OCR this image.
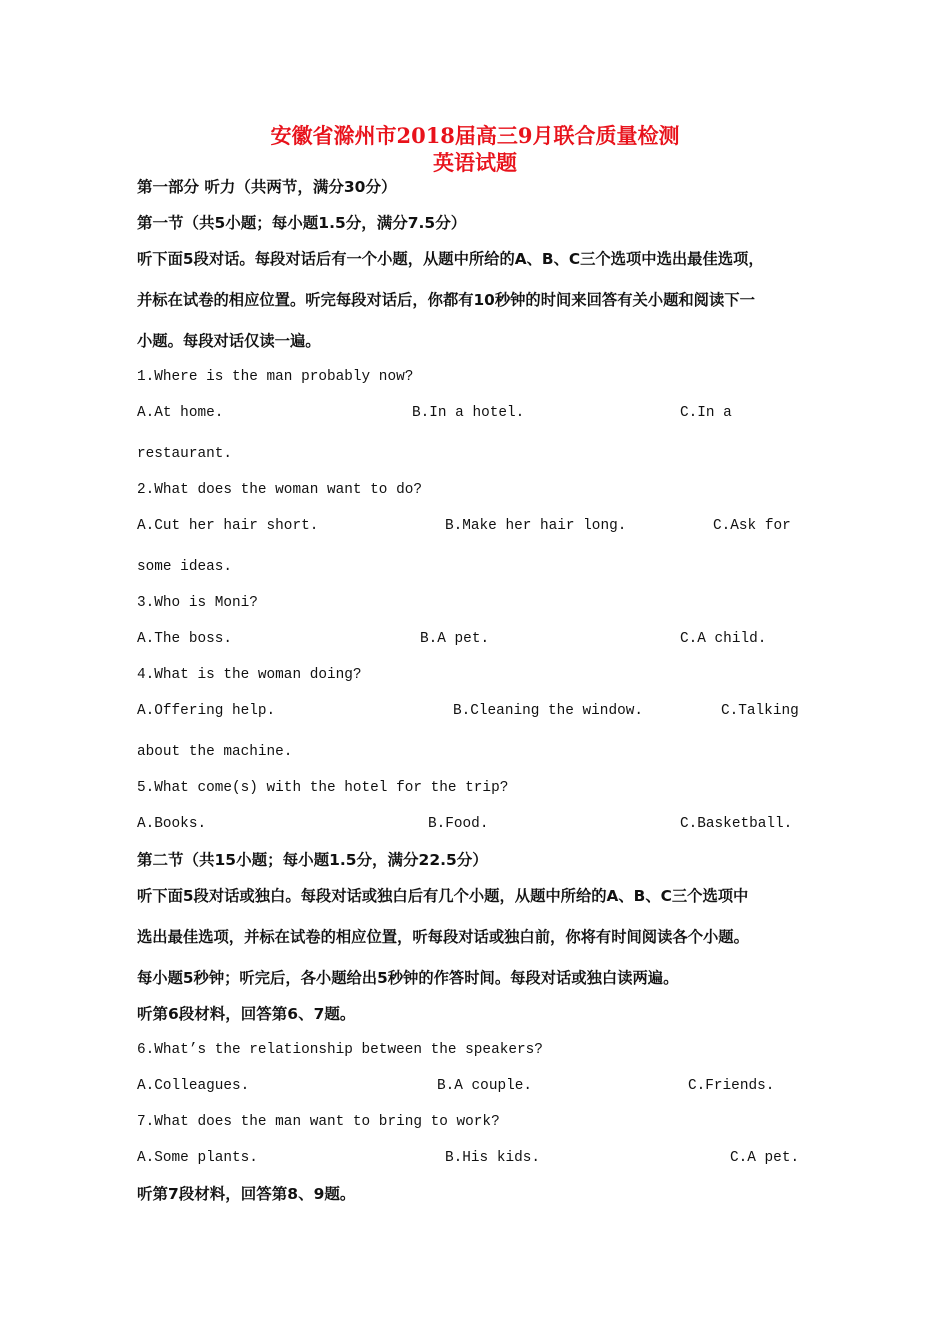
安徽省滁州市2018届高三9月联合质量检测
英语试题
第一部分 听力（共两节，满分30分）
第一节（共5小题；每小题1.5分，满分7.5分）
听下面5段对话。每段对话后有一个小题，从题中所给的A、B、C三个选项中选出最佳选项，
并标在试卷的相应位置。听完每段对话后，你都有10秒钟的时间来回答有关小题和阅读下一
小题。每段对话仅读一遍。
1.Where is the man probably now?
A.At home.	B.In a hotel.	C.In a
restaurant.
2.What does the woman want to do?
A.Cut her hair short.	B.Make her hair long.	C.Ask for
some ideas.
3.Who is Moni?
A.The boss.	B.A pet.	C.A child.
4.What is the woman doing?
A.Offering help.	B.Cleaning the window.	C.Talking
about the machine.
5.What come(s) with the hotel for the trip?
A.Books.	B.Food.	C.Basketball.
第二节（共15小题；每小题1.5分，满分22.5分）
听下面5段对话或独白。每段对话或独白后有几个小题，从题中所给的A、B、C三个选项中
选出最佳选项，并标在试卷的相应位置，听每段对话或独白前，你将有时间阅读各个小题。
每小题5秒钟；听完后，各小题给出5秒钟的作答时间。每段对话或独白读两遍。
听第6段材料，回答第6、7题。
6.What’s the relationship between the speakers?
A.Colleagues.	B.A couple.	C.Friends.
7.What does the man want to bring to work?
A.Some plants.	B.His kids.	C.A pet.
听第7段材料，回答第8、9题。
